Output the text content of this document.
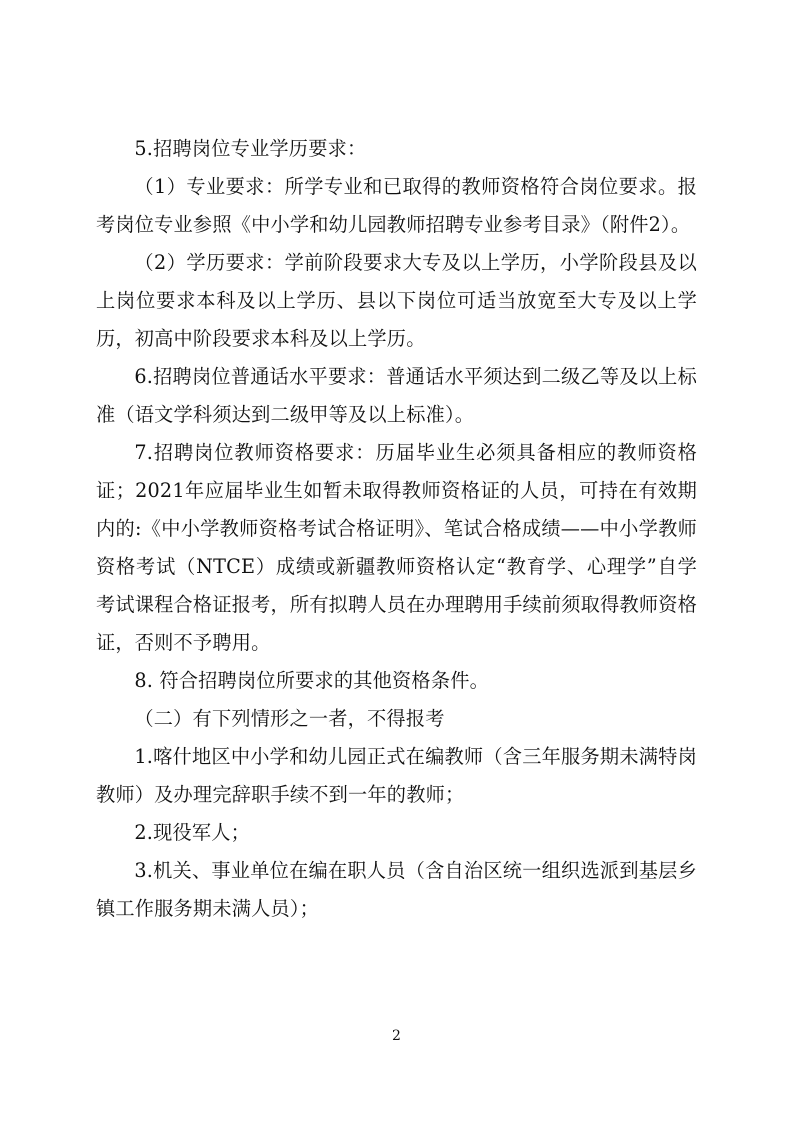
5.招聘岗位专业学历要求：

（1）专业要求：所学专业和已取得的教师资格符合岗位要求。报考岗位专业参照《中小学和幼儿园教师招聘专业参考目录》（附件2）。

（2）学历要求：学前阶段要求大专及以上学历，小学阶段县及以上岗位要求本科及以上学历、县以下岗位可适当放宽至大专及以上学历，初高中阶段要求本科及以上学历。

6.招聘岗位普通话水平要求：普通话水平须达到二级乙等及以上标准（语文学科须达到二级甲等及以上标准）。

7.招聘岗位教师资格要求：历届毕业生必须具备相应的教师资格证；2021年应届毕业生如暂未取得教师资格证的人员，可持在有效期内的:《中小学教师资格考试合格证明》、笔试合格成绩——中小学教师资格考试（NTCE）成绩或新疆教师资格认定“教育学、心理学”自学考试课程合格证报考，所有拟聘人员在办理聘用手续前须取得教师资格证，否则不予聘用。

8. 符合招聘岗位所要求的其他资格条件。

（二）有下列情形之一者，不得报考

1.喀什地区中小学和幼儿园正式在编教师（含三年服务期未满特岗教师）及办理完辞职手续不到一年的教师；

2.现役军人；

3.机关、事业单位在编在职人员（含自治区统一组织选派到基层乡镇工作服务期未满人员）；

2
